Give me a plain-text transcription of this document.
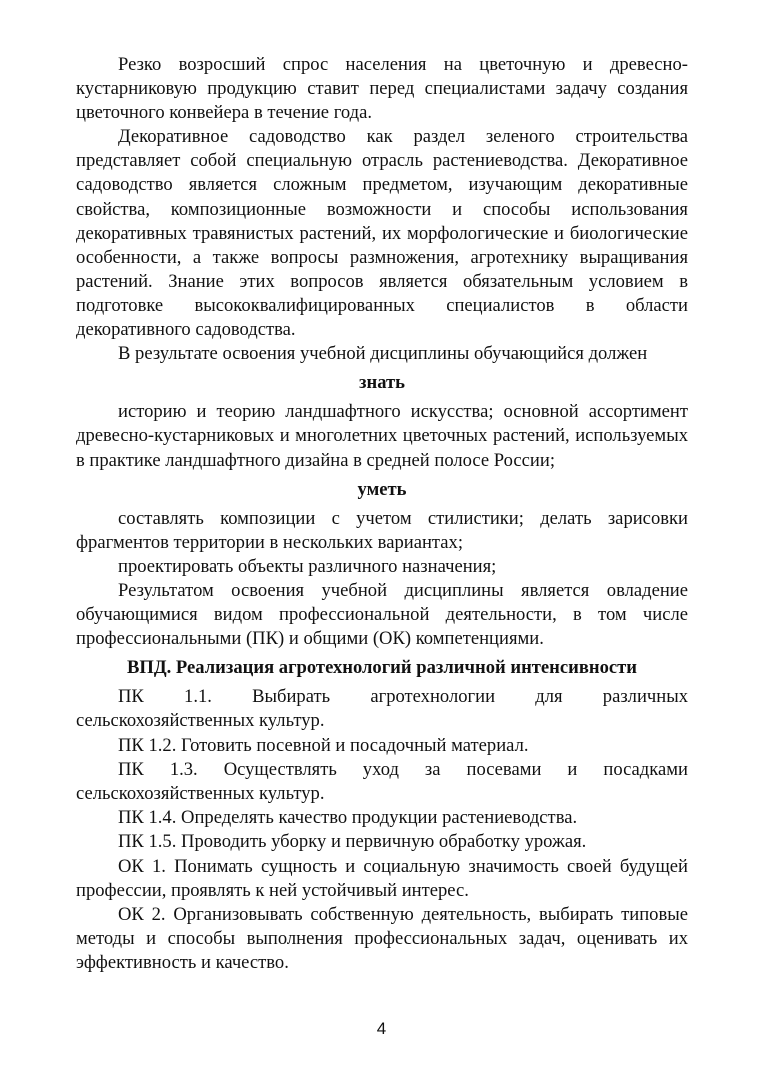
Резко возросший спрос населения на цветочную и древесно-кустарниковую продукцию ставит перед специалистами задачу создания цветочного конвейера в течение года.

Декоративное садоводство как раздел зеленого строительства представляет собой специальную отрасль растениеводства. Декоративное садоводство является сложным предметом, изучающим декоративные свойства, композиционные возможности и способы использования декоративных травянистых растений, их морфологические и биологические особенности, а также вопросы размножения, агротехнику выращивания растений. Знание этих вопросов является обязательным условием в подготовке высококвалифицированных специалистов в области декоративного садоводства.

В результате освоения учебной дисциплины обучающийся должен

знать

историю и теорию ландшафтного искусства; основной ассортимент древесно-кустарниковых и многолетних цветочных растений, используемых в практике ландшафтного дизайна в средней полосе России;

уметь

составлять композиции с учетом стилистики; делать зарисовки фрагментов территории в нескольких вариантах;

проектировать объекты различного назначения;

Результатом освоения учебной дисциплины является овладение обучающимися видом профессиональной деятельности, в том числе профессиональными (ПК) и общими (ОК) компетенциями.

ВПД. Реализация агротехнологий различной интенсивности

ПК 1.1. Выбирать агротехнологии для различных сельскохозяйственных культур.

ПК 1.2. Готовить посевной и посадочный материал.

ПК 1.3. Осуществлять уход за посевами и посадками сельскохозяйственных культур.

ПК 1.4. Определять качество продукции растениеводства.

ПК 1.5. Проводить уборку и первичную обработку урожая.

ОК 1. Понимать сущность и социальную значимость своей будущей профессии, проявлять к ней устойчивый интерес.

ОК 2. Организовывать собственную деятельность, выбирать типовые методы и способы выполнения профессиональных задач, оценивать их эффективность и качество.

4
